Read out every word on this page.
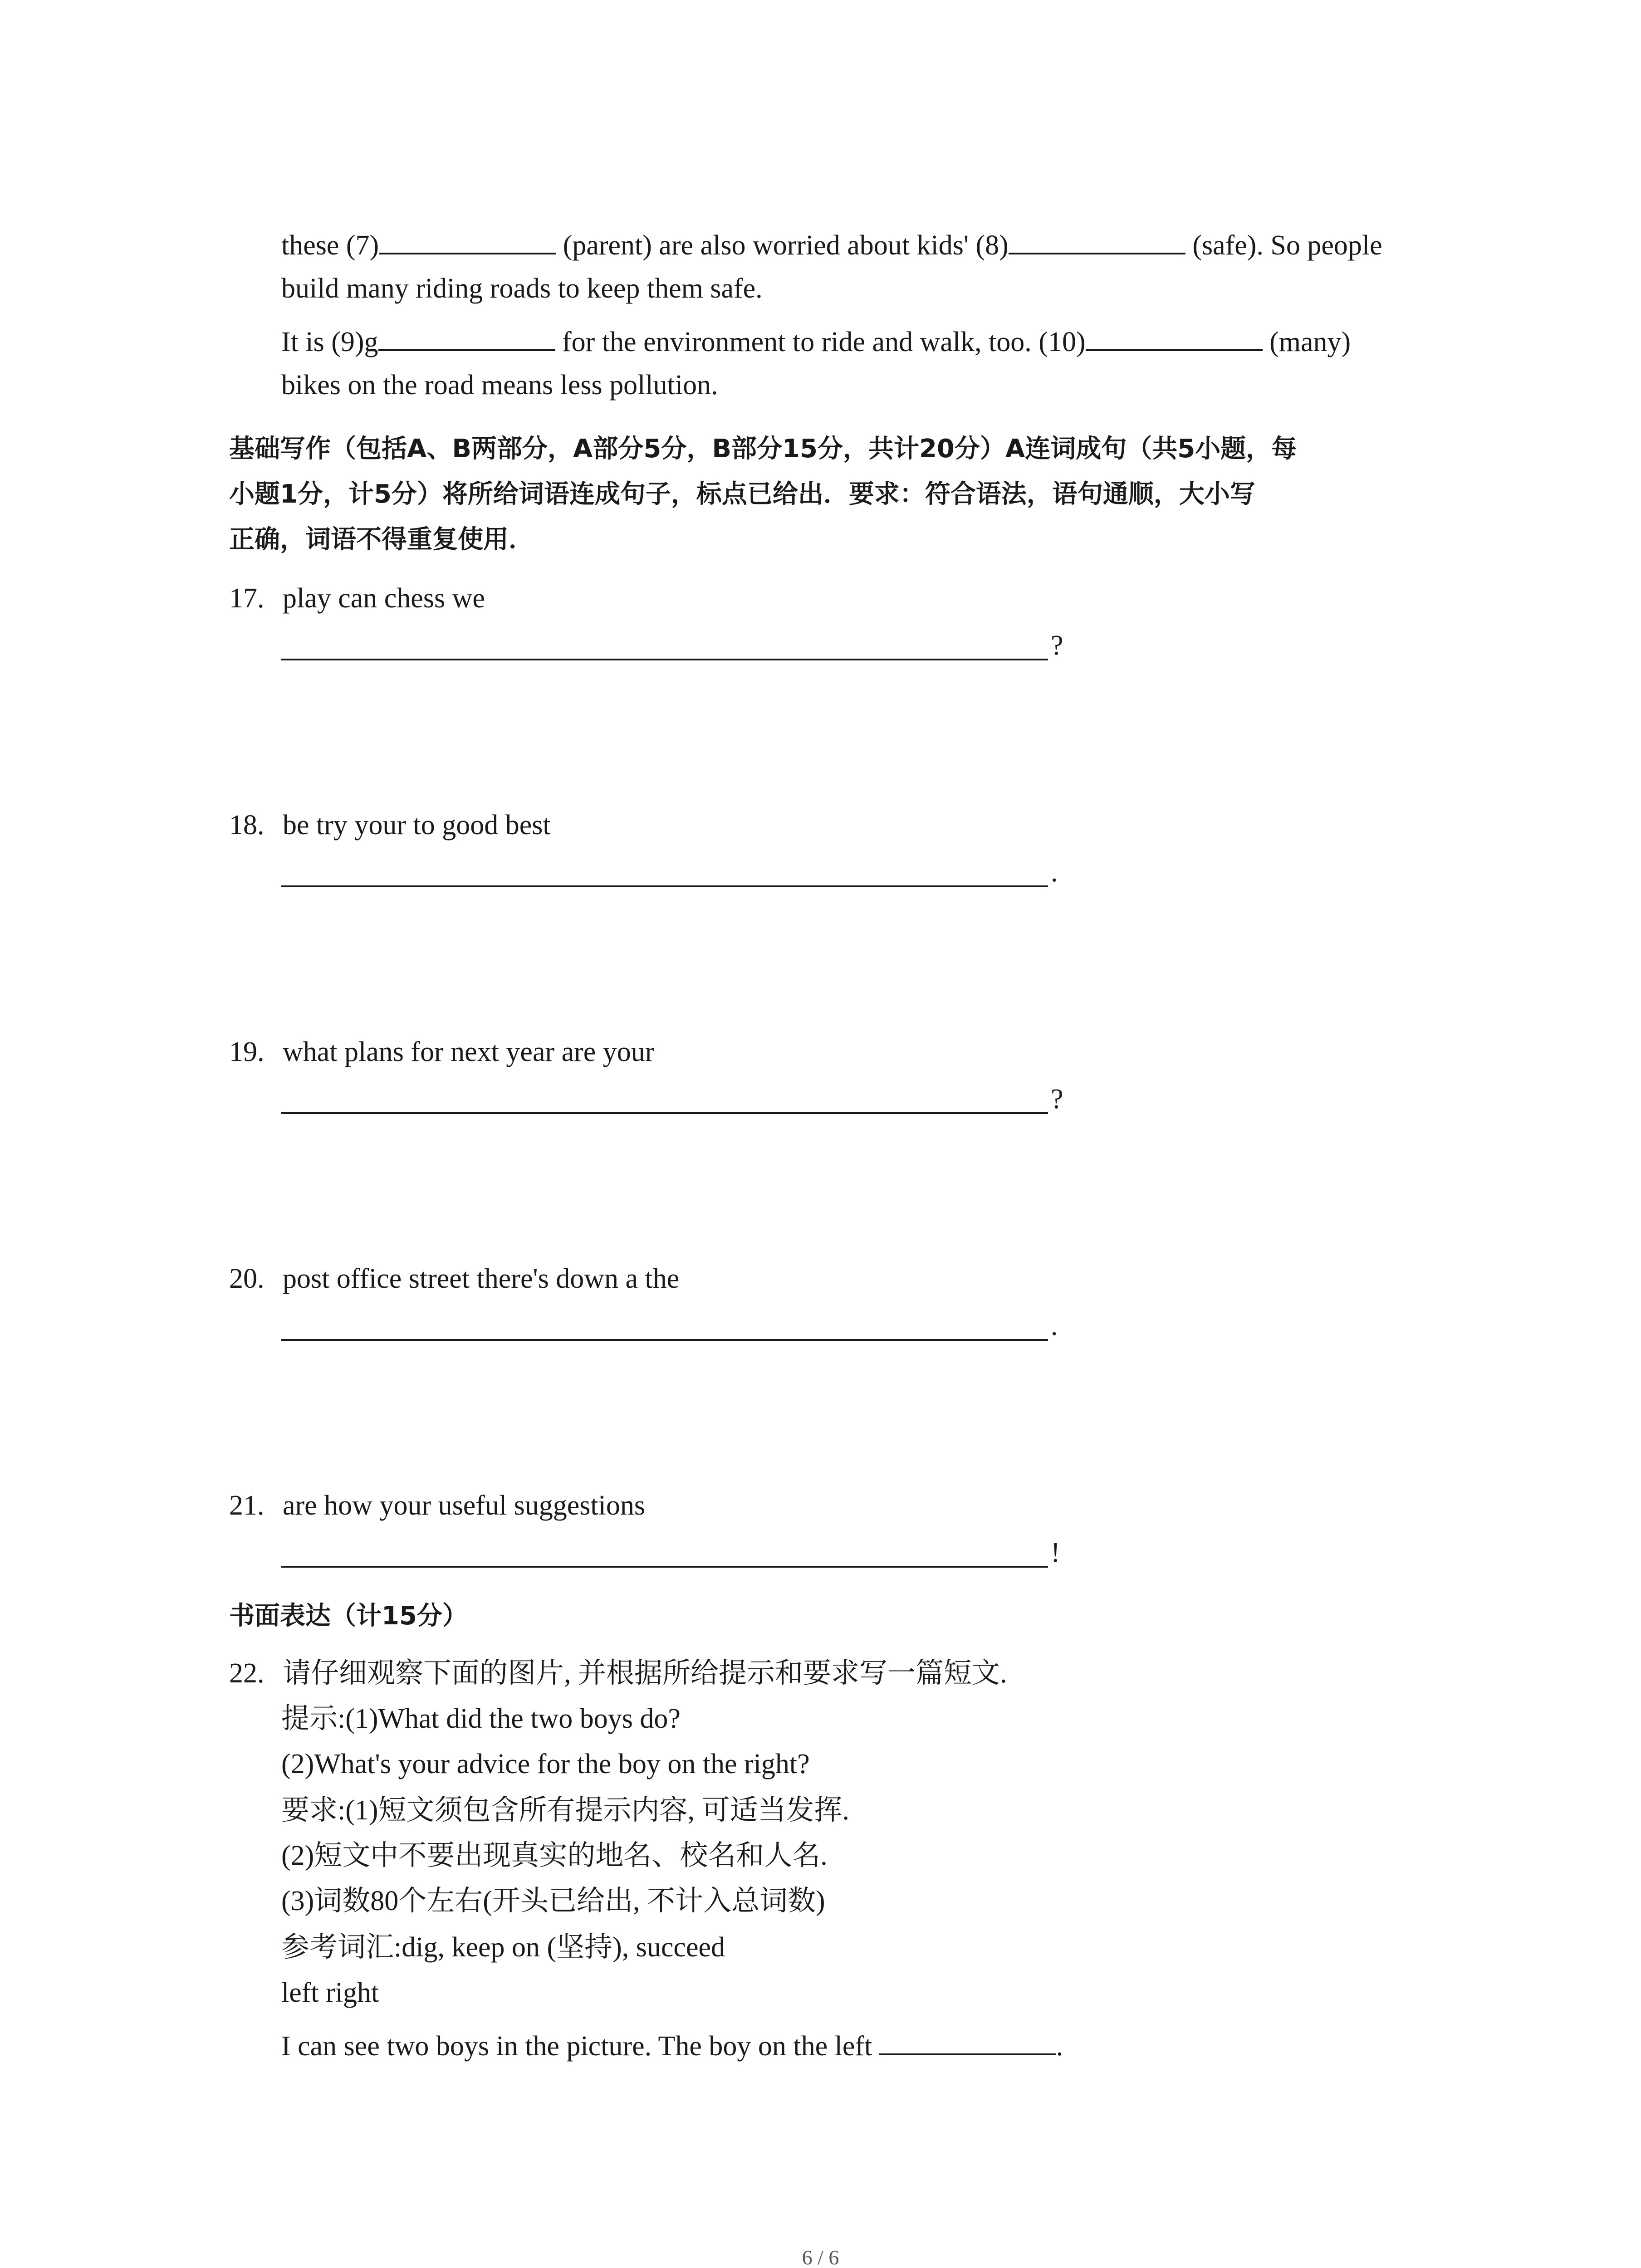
these (7)	(parent) are also worried about kids' (8)	(safe). So people
build many riding roads to keep them safe.
It is (9)g	for the environment to ride and walk, too. (10)	(many)
bikes on the road means less pollution.
基础写作（包括A、B两部分，A部分5分，B部分15分，共计20分）A连词成句（共5小题，每
小题1分，计5分）将所给词语连成句子，标点已给出．要求：符合语法，语句通顺，大小写
正确，词语不得重复使用．
17. play can chess we
?
18. be try your to good best
.
19. what plans for next year are your
?
20. post office street there's down a the
.
21. are how your useful suggestions
!
书面表达（计15分）
22. 请仔细观察下面的图片, 并根据所给提示和要求写一篇短文.
提示:(1)What did the two boys do?
(2)What's your advice for the boy on the right?
要求:(1)短文须包含所有提示内容, 可适当发挥.
(2)短文中不要出现真实的地名、校名和人名.
(3)词数80个左右(开头已给出, 不计入总词数)
参考词汇:dig, keep on (坚持), succeed
left right
I can see two boys in the picture. The boy on the left	.
6 / 6
